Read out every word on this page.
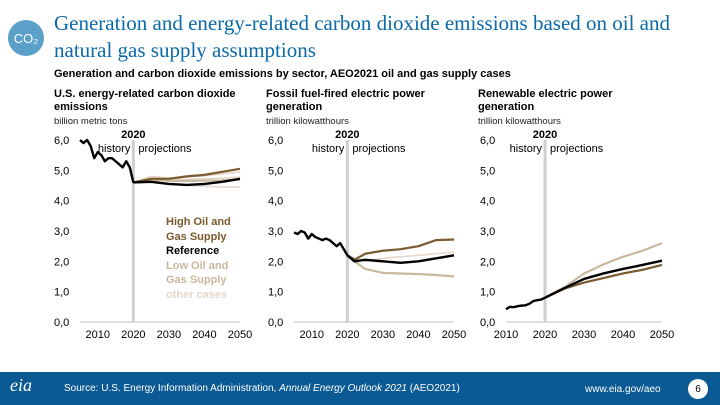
CO₂
Generation and energy-related carbon dioxide emissions based on oil and natural gas supply assumptions
Generation and carbon dioxide emissions by sector, AEO2021 oil and gas supply cases
U.S. energy-related carbon dioxide emissions
billion metric tons
Fossil fuel-fired electric power generation
trillion kilowatthours
Renewable electric power generation
trillion kilowatthours
0,0
1,0
2,0
3,0
4,0
5,0
6,0
2010 2020 2030 2040 2050
2020
history projections
0,0
1,0
2,0
3,0
4,0
5,0
6,0
2010 2020 2030 2040 2050
2020
history projections
0,0
1,0
2,0
3,0
4,0
5,0
6,0
2010 2020 2030 2040 2050
2020
history projections
High Oil and
Gas Supply
Reference
Low Oil and
Gas Supply
other cases
eia	Source: U.S. Energy Information Administration, Annual Energy Outlook 2021 (AEO2021)	www.eia.gov/aeo	6
